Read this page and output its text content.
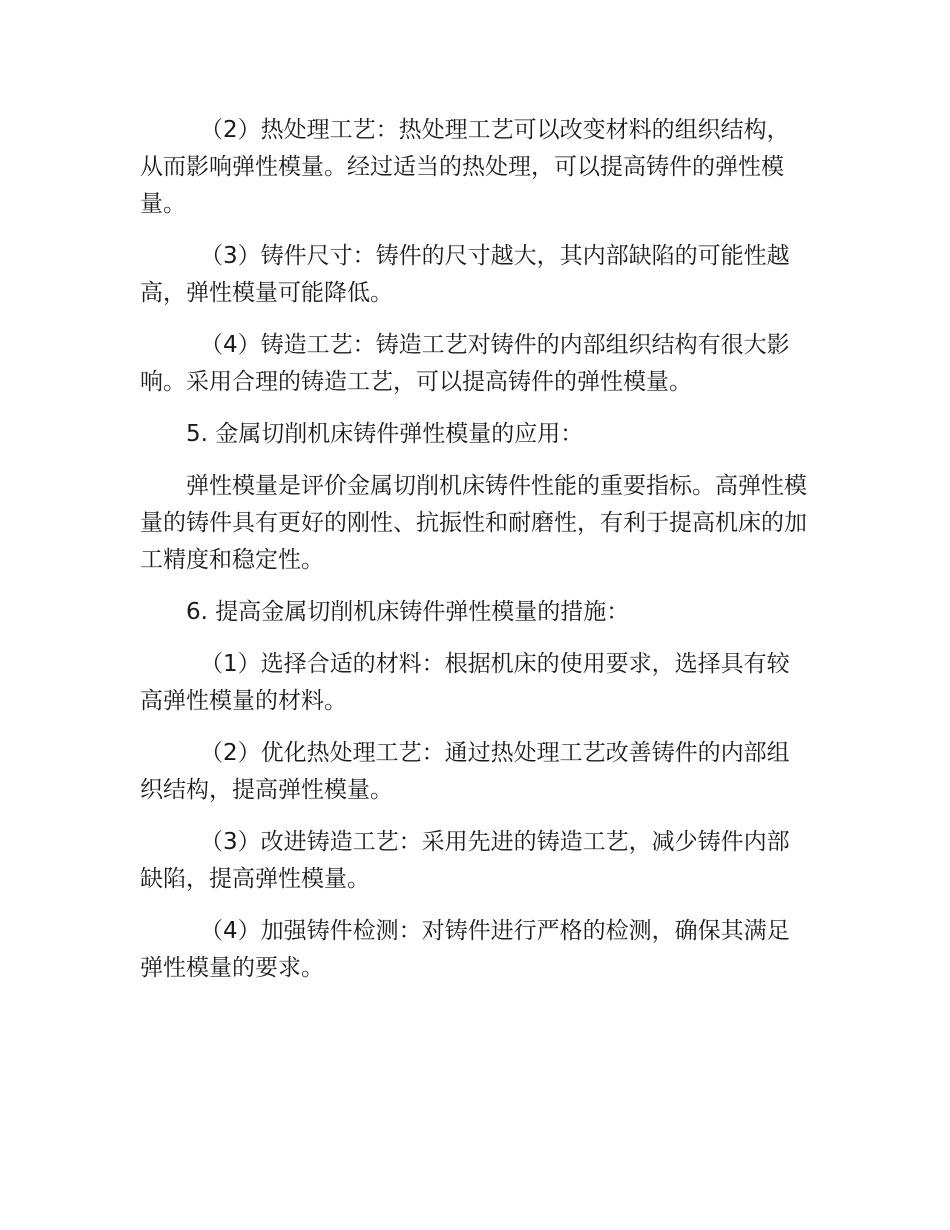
（2）热处理工艺：热处理工艺可以改变材料的组织结构，从而影响弹性模量。经过适当的热处理，可以提高铸件的弹性模量。

（3）铸件尺寸：铸件的尺寸越大，其内部缺陷的可能性越高，弹性模量可能降低。

（4）铸造工艺：铸造工艺对铸件的内部组织结构有很大影响。采用合理的铸造工艺，可以提高铸件的弹性模量。

5. 金属切削机床铸件弹性模量的应用：

弹性模量是评价金属切削机床铸件性能的重要指标。高弹性模量的铸件具有更好的刚性、抗振性和耐磨性，有利于提高机床的加工精度和稳定性。

6. 提高金属切削机床铸件弹性模量的措施：

（1）选择合适的材料：根据机床的使用要求，选择具有较高弹性模量的材料。

（2）优化热处理工艺：通过热处理工艺改善铸件的内部组织结构，提高弹性模量。

（3）改进铸造工艺：采用先进的铸造工艺，减少铸件内部缺陷，提高弹性模量。

（4）加强铸件检测：对铸件进行严格的检测，确保其满足弹性模量的要求。
